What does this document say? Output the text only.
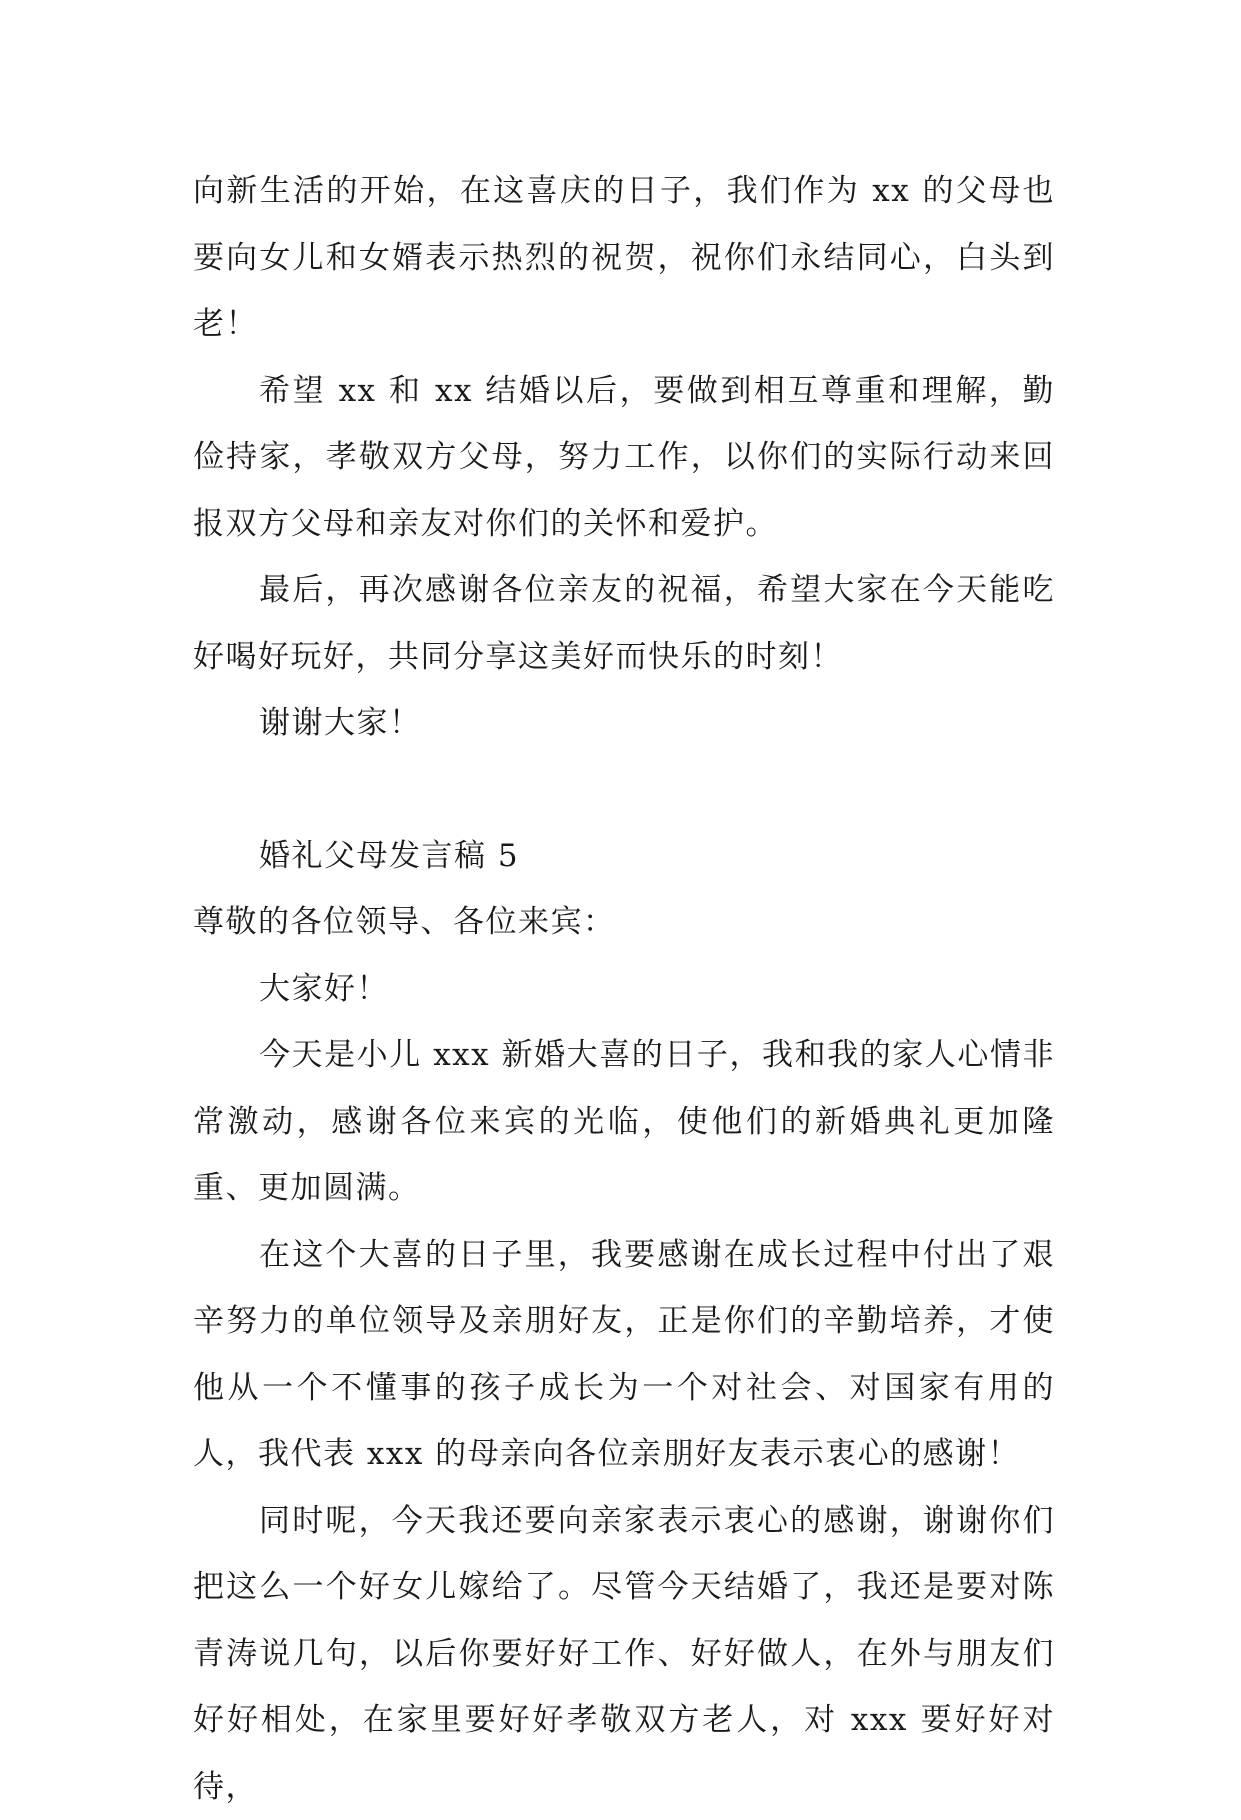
向新生活的开始，在这喜庆的日子，我们作为 xx 的父母也要向女儿和女婿表示热烈的祝贺，祝你们永结同心，白头到老！

希望 xx 和 xx 结婚以后，要做到相互尊重和理解，勤俭持家，孝敬双方父母，努力工作，以你们的实际行动来回报双方父母和亲友对你们的关怀和爱护。

最后，再次感谢各位亲友的祝福，希望大家在今天能吃好喝好玩好，共同分享这美好而快乐的时刻！

谢谢大家！

婚礼父母发言稿 5

尊敬的各位领导、各位来宾：

大家好！

今天是小儿 xxx 新婚大喜的日子，我和我的家人心情非常激动，感谢各位来宾的光临，使他们的新婚典礼更加隆重、更加圆满。

在这个大喜的日子里，我要感谢在成长过程中付出了艰辛努力的单位领导及亲朋好友，正是你们的辛勤培养，才使他从一个不懂事的孩子成长为一个对社会、对国家有用的人，我代表 xxx 的母亲向各位亲朋好友表示衷心的感谢！

同时呢，今天我还要向亲家表示衷心的感谢，谢谢你们把这么一个好女儿嫁给了。尽管今天结婚了，我还是要对陈青涛说几句，以后你要好好工作、好好做人，在外与朋友们好好相处，在家里要好好孝敬双方老人，对 xxx 要好好对待，
